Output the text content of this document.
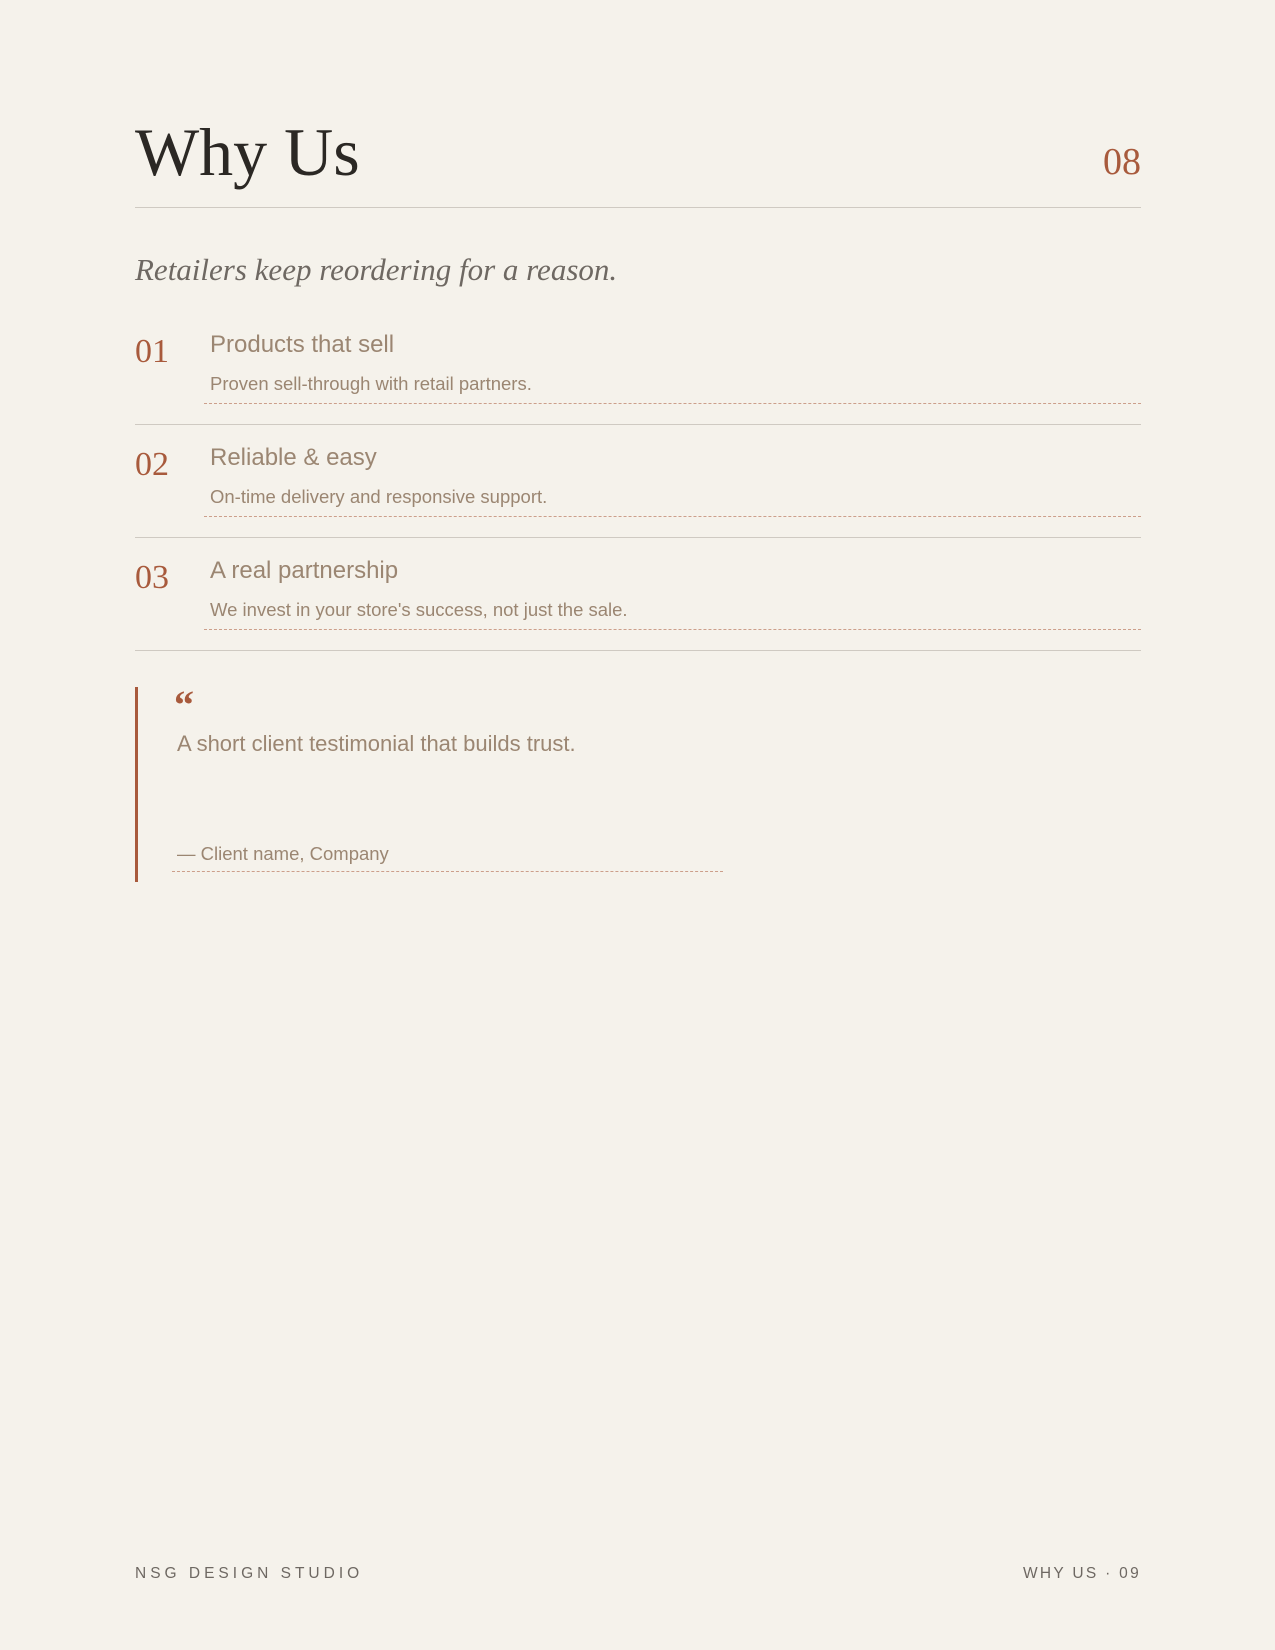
Why Us	08

Retailers keep reordering for a reason.

01 Products that sell
Proven sell-through with retail partners.
02 Reliable & easy
On-time delivery and responsive support.
03 A real partnership
We invest in your store's success, not just the sale.
“

A short client testimonial that builds trust.

— Client name, Company
NSG DESIGN STUDIO	WHY US · 09
